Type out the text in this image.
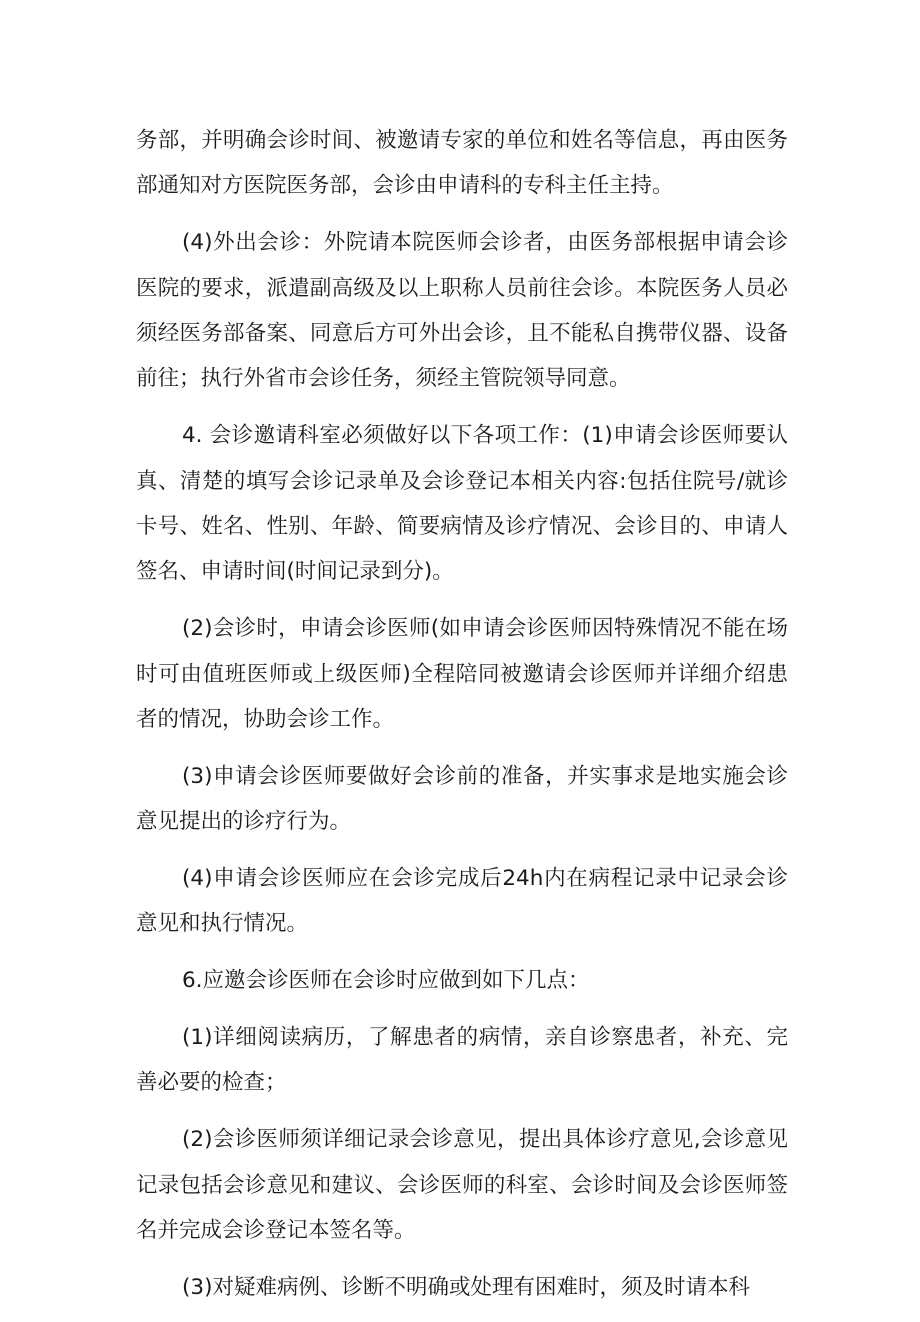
务部，并明确会诊时间、被邀请专家的单位和姓名等信息，再由医务部通知对方医院医务部，会诊由申请科的专科主任主持。

(4)外出会诊：外院请本院医师会诊者，由医务部根据申请会诊医院的要求，派遣副高级及以上职称人员前往会诊。本院医务人员必须经医务部备案、同意后方可外出会诊，且不能私自携带仪器、设备前往；执行外省市会诊任务，须经主管院领导同意。

4. 会诊邀请科室必须做好以下各项工作：(1)申请会诊医师要认真、清楚的填写会诊记录单及会诊登记本相关内容:包括住院号/就诊卡号、姓名、性别、年龄、简要病情及诊疗情况、会诊目的、申请人签名、申请时间(时间记录到分)。

(2)会诊时，申请会诊医师(如申请会诊医师因特殊情况不能在场时可由值班医师或上级医师)全程陪同被邀请会诊医师并详细介绍患者的情况，协助会诊工作。

(3)申请会诊医师要做好会诊前的准备，并实事求是地实施会诊意见提出的诊疗行为。

(4)申请会诊医师应在会诊完成后24h内在病程记录中记录会诊意见和执行情况。

6.应邀会诊医师在会诊时应做到如下几点：

(1)详细阅读病历，了解患者的病情，亲自诊察患者，补充、完善必要的检查；

(2)会诊医师须详细记录会诊意见，提出具体诊疗意见,会诊意见记录包括会诊意见和建议、会诊医师的科室、会诊时间及会诊医师签名并完成会诊登记本签名等。

(3)对疑难病例、诊断不明确或处理有困难时，须及时请本科
